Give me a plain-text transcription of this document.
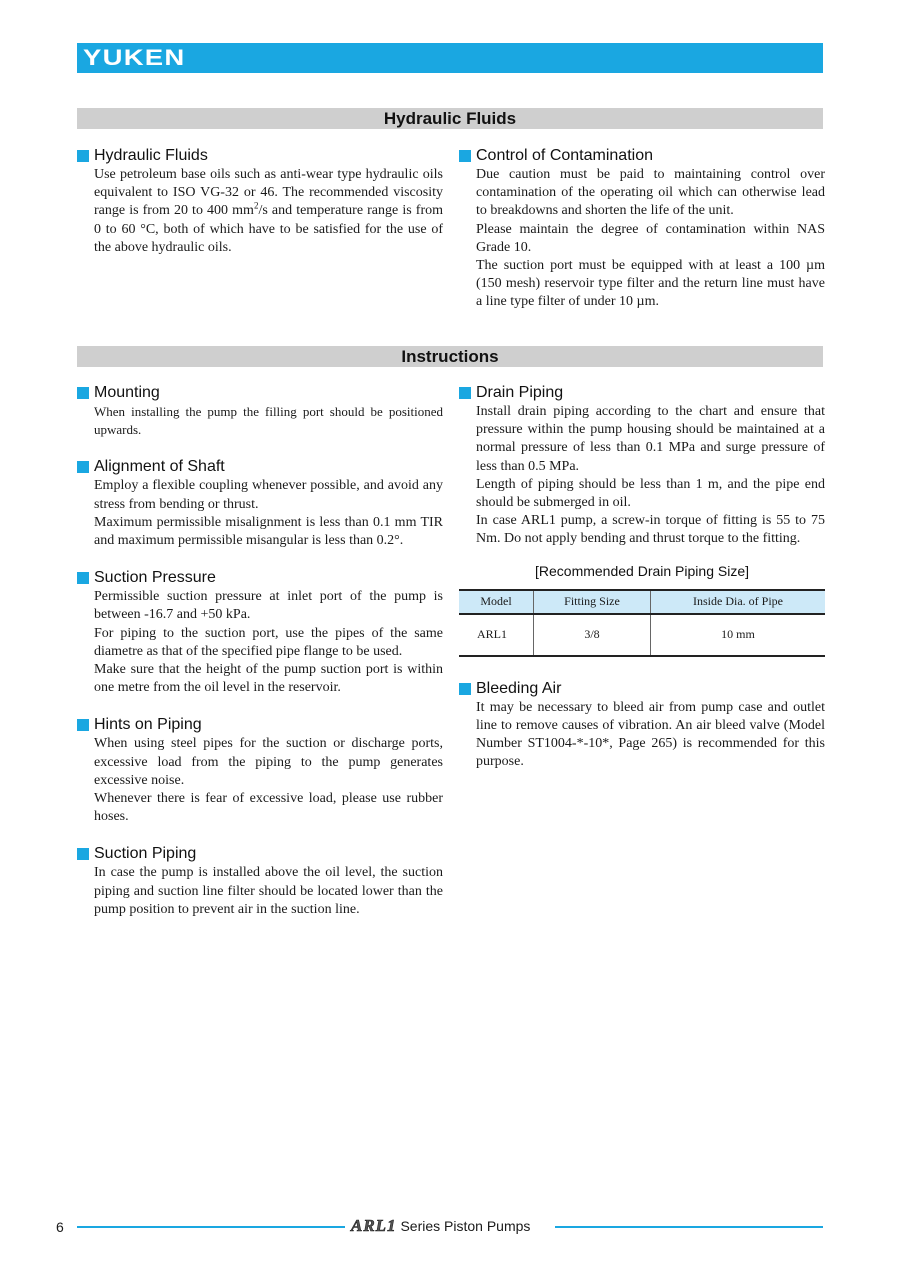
YUKEN
Hydraulic Fluids
Hydraulic Fluids

Use petroleum base oils such as anti-wear type hydraulic oils equivalent to ISO VG-32 or 46. The recommended viscosity range is from 20 to 400 $mm^2/s$ and temperature range is from 0 to 60 °C, both of which have to be satisfied for the use of the above hydraulic oils.

Control of Contamination

Due caution must be paid to maintaining control over contamination of the operating oil which can otherwise lead to breakdowns and shorten the life of the unit.

Please maintain the degree of contamination within NAS Grade 10.

The suction port must be equipped with at least a 100 µm (150 mesh) reservoir type filter and the return line must have a line type filter of under 10 µm.

Instructions
Mounting

When installing the pump the filling port should be positioned upwards.

Alignment of Shaft

Employ a flexible coupling whenever possible, and avoid any stress from bending or thrust.

Maximum permissible misalignment is less than 0.1 mm TIR and maximum permissible misangular is less than 0.2°.

Suction Pressure

Permissible suction pressure at inlet port of the pump is between -16.7 and +50 kPa.

For piping to the suction port, use the pipes of the same diametre as that of the specified pipe flange to be used.

Make sure that the height of the pump suction port is within one metre from the oil level in the reservoir.

Hints on Piping

When using steel pipes for the suction or discharge ports, excessive load from the piping to the pump generates excessive noise.

Whenever there is fear of excessive load, please use rubber hoses.

Suction Piping

In case the pump is installed above the oil level, the suction piping and suction line filter should be located lower than the pump position to prevent air in the suction line.

Drain Piping

Install drain piping according to the chart and ensure that pressure within the pump housing should be maintained at a normal pressure of less than 0.1 MPa and surge pressure of less than 0.5 MPa.

Length of piping should be less than 1 m, and the pipe end should be submerged in oil.

In case ARL1 pump, a screw-in torque of fitting is 55 to 75 Nm. Do not apply bending and thrust torque to the fitting.

[Recommended Drain Piping Size]
Model	Fitting Size	Inside Dia. of Pipe
ARL1	3/8	10 mm
Bleeding Air

It may be necessary to bleed air from pump case and outlet line to remove causes of vibration. An air bleed valve (Model Number ST1004-*-10*, Page 265) is recommended for this purpose.

6	ARL1 Series Piston Pumps
